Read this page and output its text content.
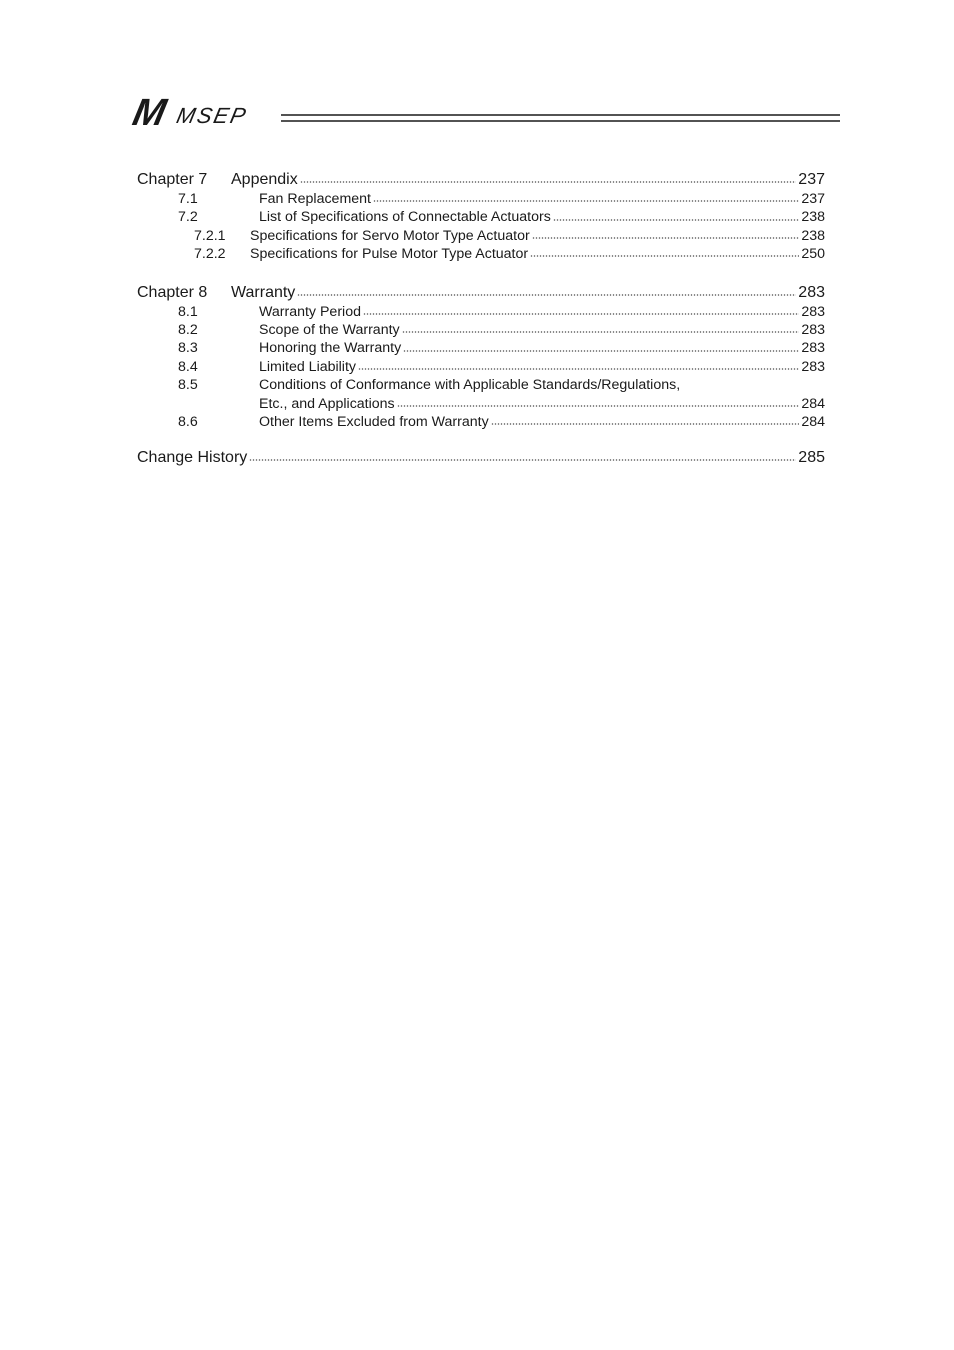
M MSEP
Chapter 7	Appendix	237
7.1	Fan Replacement	237
7.2	List of Specifications of Connectable Actuators	238
7.2.1	Specifications for Servo Motor Type Actuator	238
7.2.2	Specifications for Pulse Motor Type Actuator	250
Chapter 8	Warranty	283
8.1	Warranty Period	283
8.2	Scope of the Warranty	283
8.3	Honoring the Warranty	283
8.4	Limited Liability	283
8.5	Conditions of Conformance with Applicable Standards/Regulations,
Etc., and Applications	284
8.6	Other Items Excluded from Warranty	284
Change History	285
